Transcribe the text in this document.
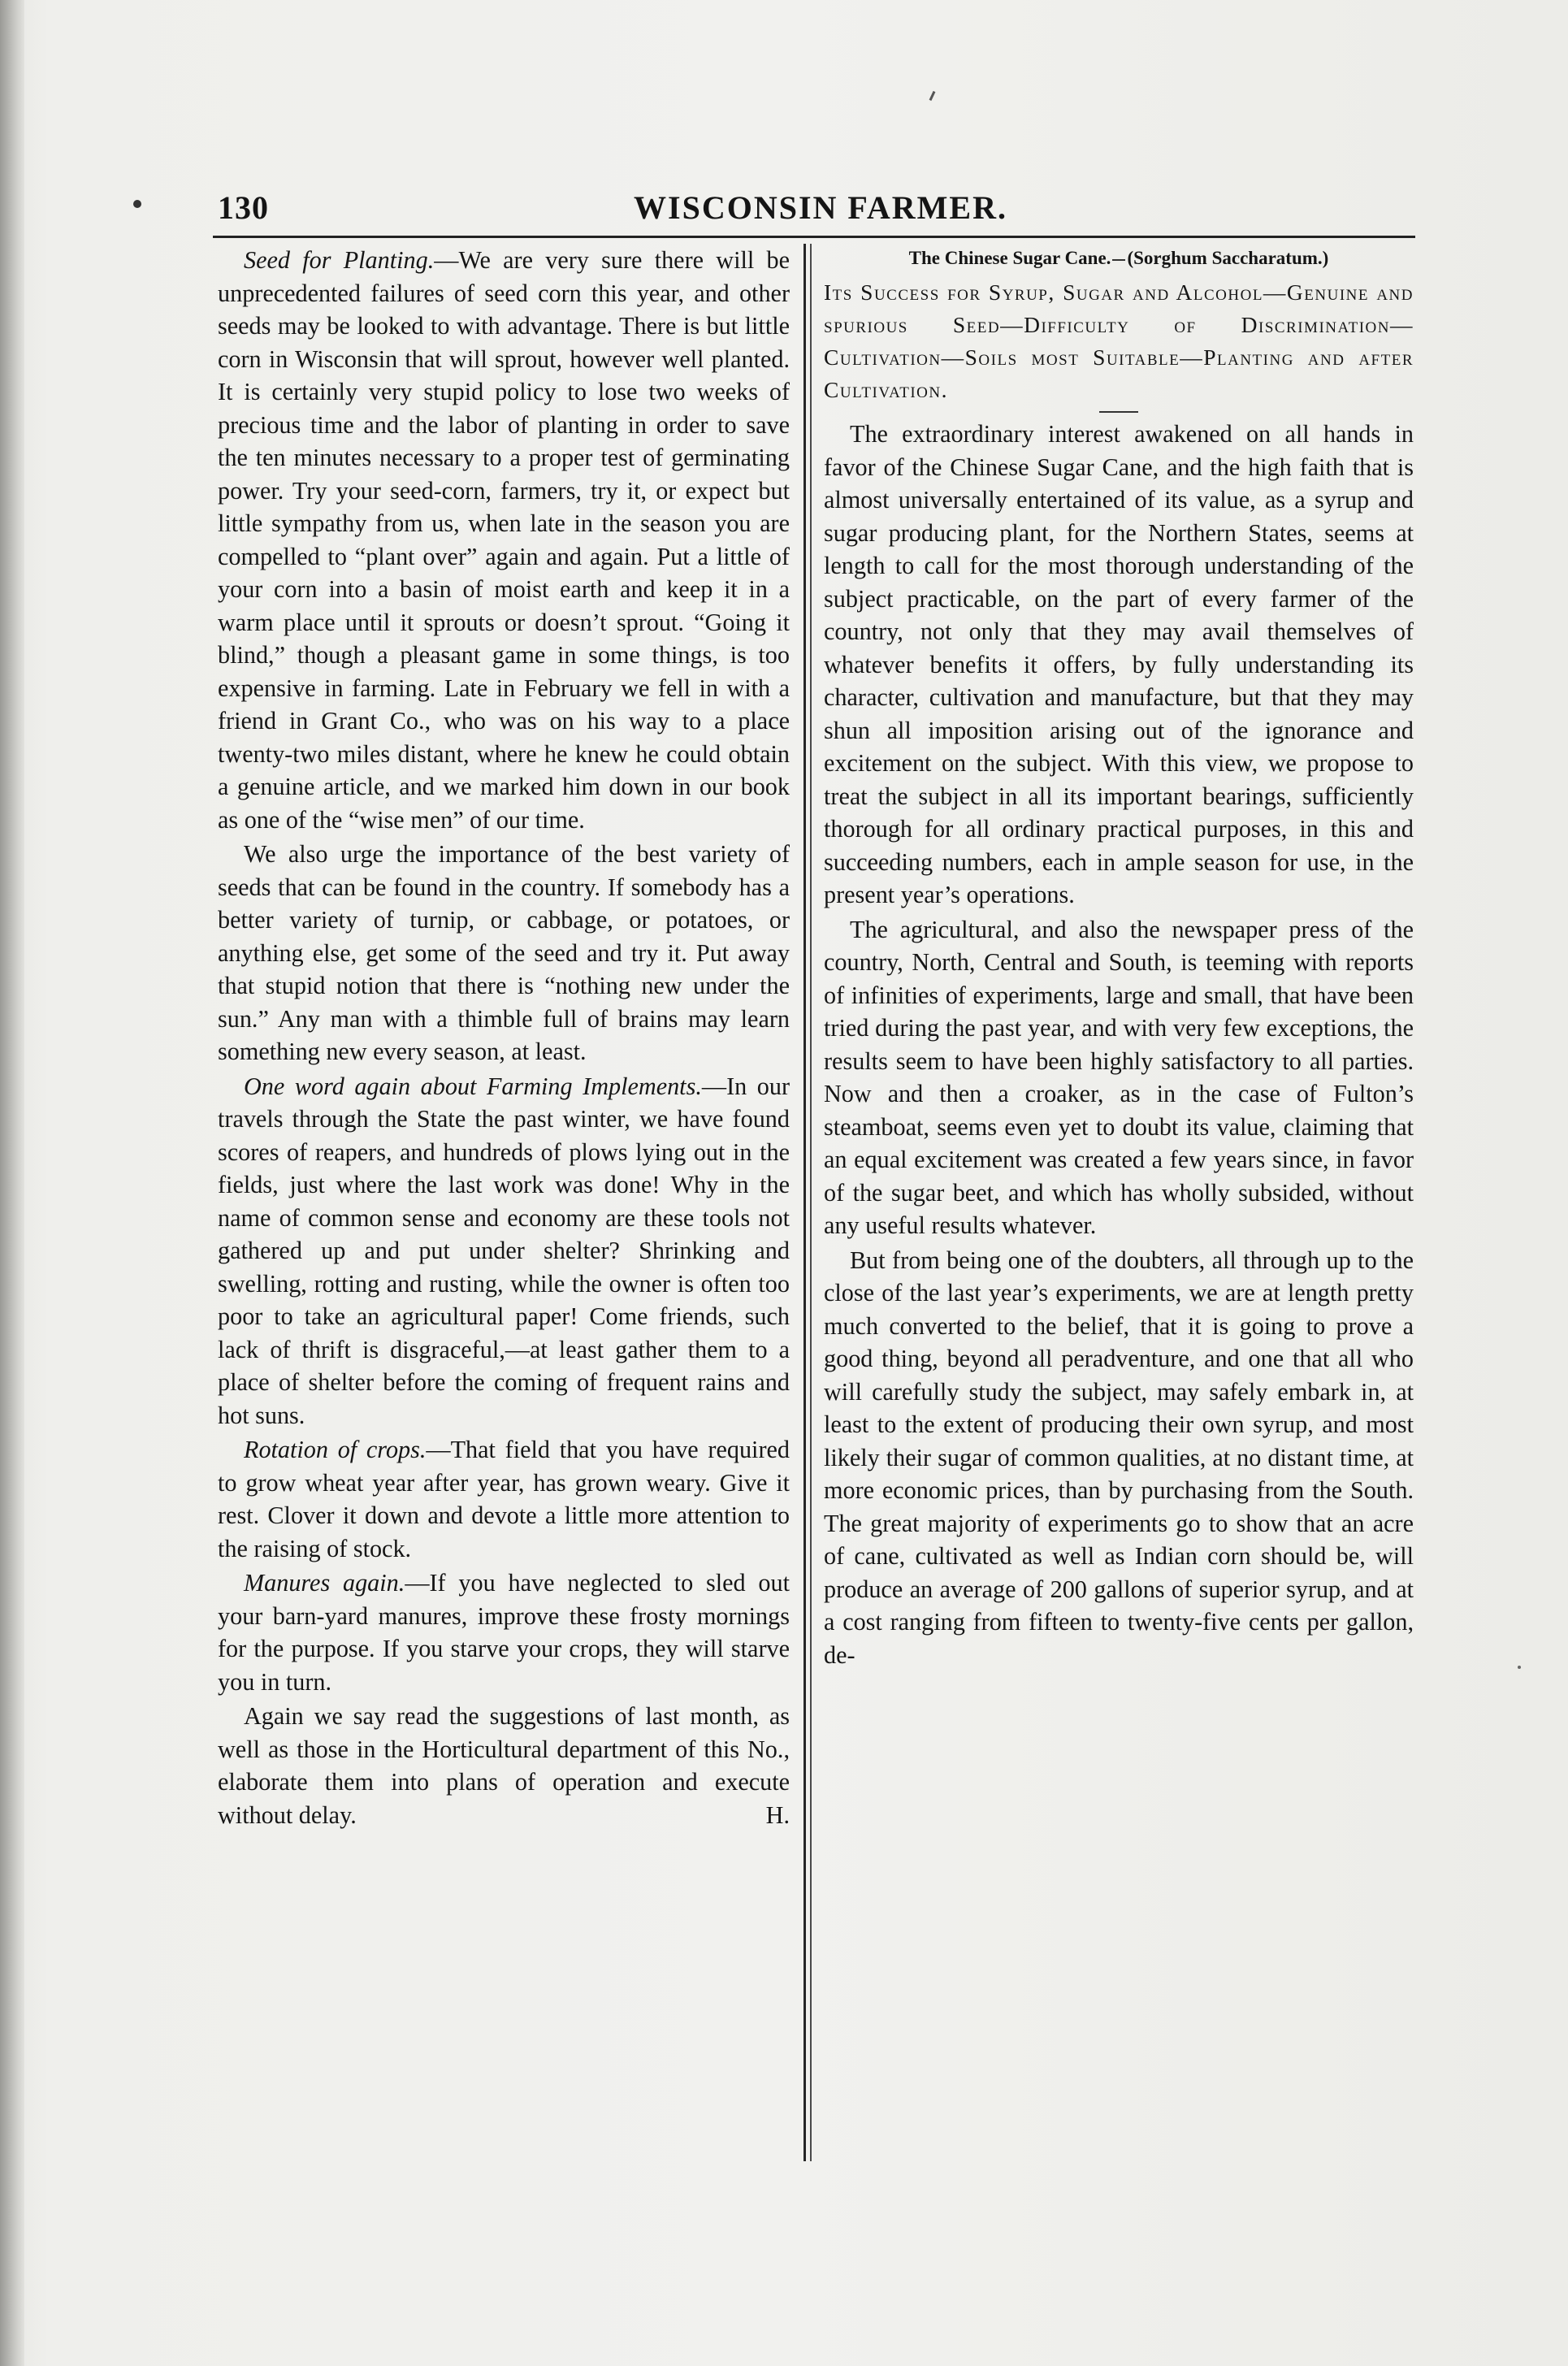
130	WISCONSIN FARMER.

Seed for Planting.—We are very sure there will be unprecedented failures of seed corn this year, and other seeds may be looked to with advantage. There is but little corn in Wisconsin that will sprout, however well planted. It is certainly very stupid policy to lose two weeks of precious time and the labor of planting in order to save the ten minutes necessary to a proper test of germinating power. Try your seed-corn, farmers, try it, or expect but little sympathy from us, when late in the season you are compelled to “plant over” again and again. Put a little of your corn into a basin of moist earth and keep it in a warm place until it sprouts or doesn’t sprout. “Going it blind,” though a pleasant game in some things, is too expensive in farming. Late in February we fell in with a friend in Grant Co., who was on his way to a place twenty-two miles distant, where he knew he could obtain a genuine article, and we marked him down in our book as one of the “wise men” of our time.

We also urge the importance of the best variety of seeds that can be found in the country. If somebody has a better variety of turnip, or cabbage, or potatoes, or anything else, get some of the seed and try it. Put away that stupid notion that there is “nothing new under the sun.” Any man with a thimble full of brains may learn something new every season, at least.

One word again about Farming Implements.—In our travels through the State the past winter, we have found scores of reapers, and hundreds of plows lying out in the fields, just where the last work was done! Why in the name of common sense and economy are these tools not gathered up and put under shelter? Shrinking and swelling, rotting and rusting, while the owner is often too poor to take an agricultural paper! Come friends, such lack of thrift is disgraceful,—at least gather them to a place of shelter before the coming of frequent rains and hot suns.

Rotation of crops.—That field that you have required to grow wheat year after year, has grown weary. Give it rest. Clover it down and devote a little more attention to the raising of stock.

Manures again.—If you have neglected to sled out your barn-yard manures, improve these frosty mornings for the purpose. If you starve your crops, they will starve you in turn.

Again we say read the suggestions of last month, as well as those in the Horticultural department of this No., elaborate them into plans of operation and execute without delay.	H.

The Chinese Sugar Cane. (Sorghum Saccharatum.)
Its Success for Syrup, Sugar and Alcohol—Genuine and spurious Seed—Difficulty of Discrimination—Cultivation—Soils most Suitable—Planting and after Cultivation.

The extraordinary interest awakened on all hands in favor of the Chinese Sugar Cane, and the high faith that is almost universally entertained of its value, as a syrup and sugar producing plant, for the Northern States, seems at length to call for the most thorough understanding of the subject practicable, on the part of every farmer of the country, not only that they may avail themselves of whatever benefits it offers, by fully understanding its character, cultivation and manufacture, but that they may shun all imposition arising out of the ignorance and excitement on the subject. With this view, we propose to treat the subject in all its important bearings, sufficiently thorough for all ordinary practical purposes, in this and succeeding numbers, each in ample season for use, in the present year’s operations.

The agricultural, and also the newspaper press of the country, North, Central and South, is teeming with reports of infinities of experiments, large and small, that have been tried during the past year, and with very few exceptions, the results seem to have been highly satisfactory to all parties. Now and then a croaker, as in the case of Fulton’s steamboat, seems even yet to doubt its value, claiming that an equal excitement was created a few years since, in favor of the sugar beet, and which has wholly subsided, without any useful results whatever.

But from being one of the doubters, all through up to the close of the last year’s experiments, we are at length pretty much converted to the belief, that it is going to prove a good thing, beyond all peradventure, and one that all who will carefully study the subject, may safely embark in, at least to the extent of producing their own syrup, and most likely their sugar of common qualities, at no distant time, at more economic prices, than by purchasing from the South. The great majority of experiments go to show that an acre of cane, cultivated as well as Indian corn should be, will produce an average of 200 gallons of superior syrup, and at a cost ranging from fifteen to twenty-five cents per gallon, de-
